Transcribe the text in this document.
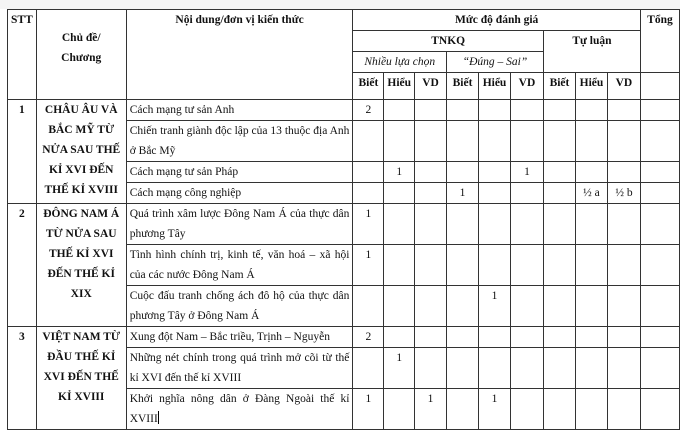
STT	Chủ đề/
Chương	Nội dung/đơn vị kiến thức	Mức độ đánh giá									Tổng
			TNKQ						Tự luận			
			Nhiều lựa chọn			“Đúng – Sai”						
			Biết	Hiểu	VD	Biết	Hiểu	VD	Biết	Hiểu	VD	
1	CHÂU ÂU VÀ BẮC MỸ TỪ NỬA SAU THẾ KỈ XVI ĐẾN THẾ KỈ XVIII	Cách mạng tư sản Anh	2									
		Chiến tranh giành độc lập của 13 thuộc địa Anh ở Bắc Mỹ										
		Cách mạng tư sản Pháp		1				1				
		Cách mạng công nghiệp				1				½ a	½ b	
2	ĐÔNG NAM Á TỪ NỬA SAU THẾ KỈ XVI ĐẾN THẾ KỈ XIX	Quá trình xâm lược Đông Nam Á của thực dân phương Tây	1									
		Tình hình chính trị, kinh tế, văn hoá – xã hội của các nước Đông Nam Á	1									
		Cuộc đấu tranh chống ách đô hộ của thực dân phương Tây ở Đông Nam Á					1					
3	VIỆT NAM TỪ ĐẦU THẾ KỈ XVI ĐẾN THẾ KỈ XVIII	Xung đột Nam – Bắc triều, Trịnh – Nguyễn	2									
		Những nét chính trong quá trình mở cõi từ thế kỉ XVI đến thế kỉ XVIII		1								
		Khởi nghĩa nông dân ở Đàng Ngoài thế kỉ XVIII	1		1		1					
